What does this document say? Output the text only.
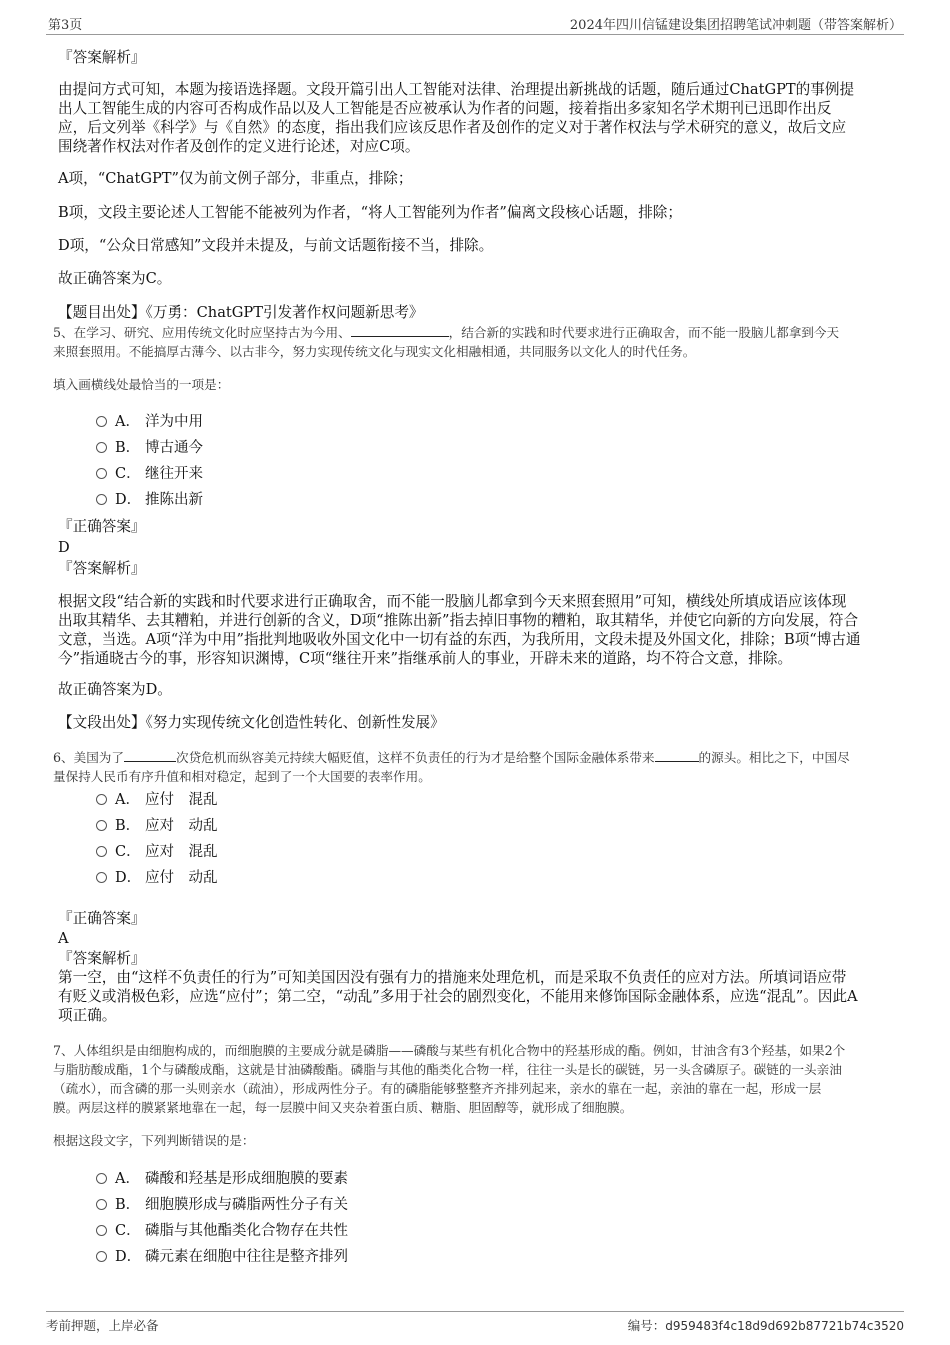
第3页	2024年四川信锰建设集团招聘笔试冲刺题（带答案解析）
『答案解析』
由提问方式可知，本题为接语选择题。文段开篇引出人工智能对法律、治理提出新挑战的话题，随后通过ChatGPT的事例提
出人工智能生成的内容可否构成作品以及人工智能是否应被承认为作者的问题，接着指出多家知名学术期刊已迅即作出反
应，后文列举《科学》与《自然》的态度，指出我们应该反思作者及创作的定义对于著作权法与学术研究的意义，故后文应
围绕著作权法对作者及创作的定义进行论述，对应C项。
A项，“ChatGPT”仅为前文例子部分，非重点，排除；
B项，文段主要论述人工智能不能被列为作者，“将人工智能列为作者”偏离文段核心话题，排除；
D项，“公众日常感知”文段并未提及，与前文话题衔接不当，排除。
故正确答案为C。
【题目出处】《万勇：ChatGPT引发著作权问题新思考》
5、在学习、研究、应用传统文化时应坚持古为今用、	，结合新的实践和时代要求进行正确取舍，而不能一股脑儿都拿到今天
来照套照用。不能搞厚古薄今、以古非今，努力实现传统文化与现实文化相融相通，共同服务以文化人的时代任务。
填入画横线处最恰当的一项是：
A． 洋为中用
B． 博古通今
C． 继往开来
D． 推陈出新
『正确答案』
D
『答案解析』
根据文段“结合新的实践和时代要求进行正确取舍，而不能一股脑儿都拿到今天来照套照用”可知，横线处所填成语应该体现
出取其精华、去其糟粕，并进行创新的含义，D项“推陈出新”指去掉旧事物的糟粕，取其精华，并使它向新的方向发展，符合
文意，当选。A项“洋为中用”指批判地吸收外国文化中一切有益的东西，为我所用，文段未提及外国文化，排除；B项“博古通
今”指通晓古今的事，形容知识渊博，C项“继往开来”指继承前人的事业，开辟未来的道路，均不符合文意，排除。
故正确答案为D。
【文段出处】《努力实现传统文化创造性转化、创新性发展》
6、美国为了	次贷危机而纵容美元持续大幅贬值，这样不负责任的行为才是给整个国际金融体系带来	的源头。相比之下，中国尽
量保持人民币有序升值和相对稳定，起到了一个大国要的表率作用。
A． 应付　混乱
B． 应对　动乱
C． 应对　混乱
D． 应付　动乱
『正确答案』
A
『答案解析』
第一空，由“这样不负责任的行为”可知美国因没有强有力的措施来处理危机，而是采取不负责任的应对方法。所填词语应带
有贬义或消极色彩，应选“应付”；第二空，“动乱”多用于社会的剧烈变化，不能用来修饰国际金融体系，应选“混乱”。因此A
项正确。
7、人体组织是由细胞构成的，而细胞膜的主要成分就是磷脂——磷酸与某些有机化合物中的羟基形成的酯。例如，甘油含有3个羟基，如果2个
与脂肪酸成酯，1个与磷酸成酯，这就是甘油磷酸酯。磷脂与其他的酯类化合物一样，往往一头是长的碳链，另一头含磷原子。碳链的一头亲油
（疏水），而含磷的那一头则亲水（疏油），形成两性分子。有的磷脂能够整整齐齐排列起来，亲水的靠在一起，亲油的靠在一起，形成一层
膜。两层这样的膜紧紧地靠在一起，每一层膜中间又夹杂着蛋白质、糖脂、胆固醇等，就形成了细胞膜。
根据这段文字，下列判断错误的是：
A． 磷酸和羟基是形成细胞膜的要素
B． 细胞膜形成与磷脂两性分子有关
C． 磷脂与其他酯类化合物存在共性
D． 磷元素在细胞中往往是整齐排列
考前押题，上岸必备	编号：d959483f4c18d9d692b87721b74c3520
